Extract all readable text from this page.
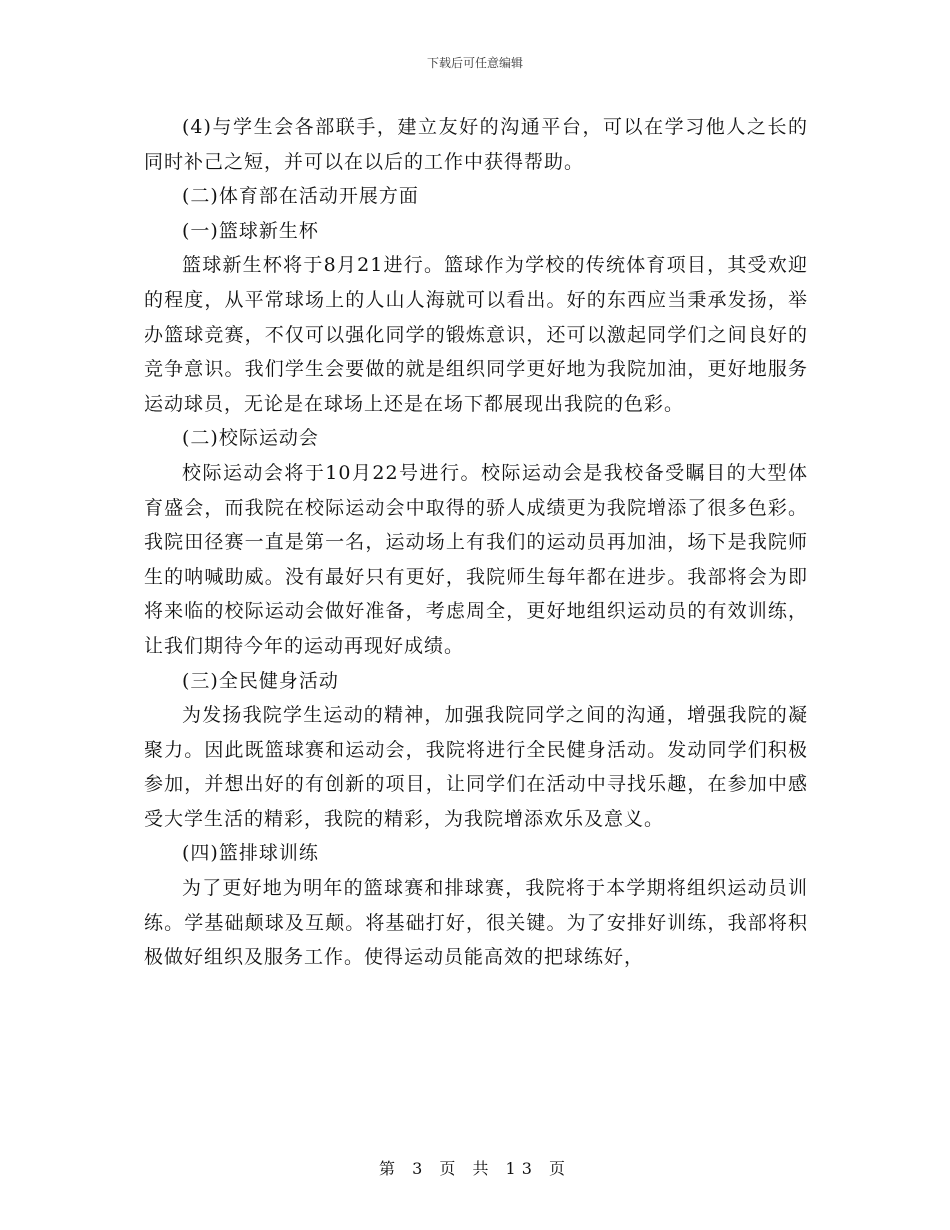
下载后可任意编辑

(4)与学生会各部联手，建立友好的沟通平台，可以在学习他人之长的同时补己之短，并可以在以后的工作中获得帮助。

(二)体育部在活动开展方面

(一)篮球新生杯

篮球新生杯将于8月21进行。篮球作为学校的传统体育项目，其受欢迎的程度，从平常球场上的人山人海就可以看出。好的东西应当秉承发扬，举办篮球竞赛，不仅可以强化同学的锻炼意识，还可以激起同学们之间良好的竞争意识。我们学生会要做的就是组织同学更好地为我院加油，更好地服务运动球员，无论是在球场上还是在场下都展现出我院的色彩。

(二)校际运动会

校际运动会将于10月22号进行。校际运动会是我校备受瞩目的大型体育盛会，而我院在校际运动会中取得的骄人成绩更为我院增添了很多色彩。我院田径赛一直是第一名，运动场上有我们的运动员再加油，场下是我院师生的呐喊助威。没有最好只有更好，我院师生每年都在进步。我部将会为即将来临的校际运动会做好准备，考虑周全，更好地组织运动员的有效训练，让我们期待今年的运动再现好成绩。

(三)全民健身活动

为发扬我院学生运动的精神，加强我院同学之间的沟通，增强我院的凝聚力。因此既篮球赛和运动会，我院将进行全民健身活动。发动同学们积极参加，并想出好的有创新的项目，让同学们在活动中寻找乐趣，在参加中感受大学生活的精彩，我院的精彩，为我院增添欢乐及意义。

(四)篮排球训练

为了更好地为明年的篮球赛和排球赛，我院将于本学期将组织运动员训练。学基础颠球及互颠。将基础打好，很关键。为了安排好训练，我部将积极做好组织及服务工作。使得运动员能高效的把球练好，

第 3 页 共 13 页
